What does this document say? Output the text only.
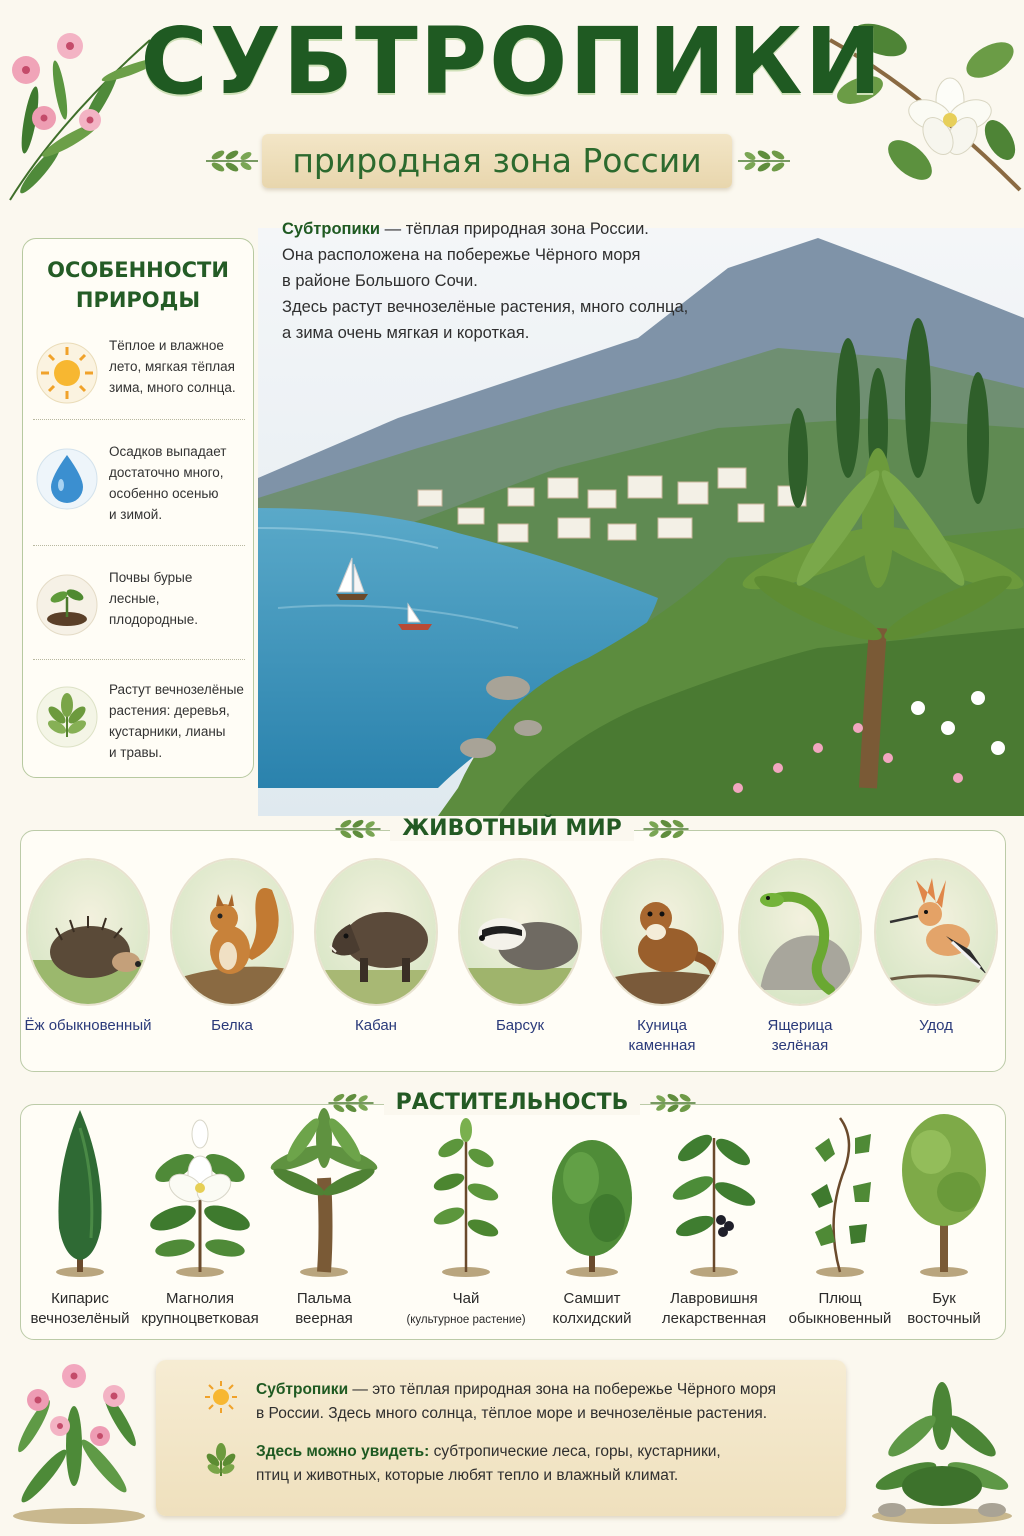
СУБТРОПИКИ
природная зона России
Субтропики — тёплая природная зона России.
Она расположена на побережье Чёрного моря
в районе Большого Сочи.
Здесь растут вечнозелёные растения, много солнца,
а зима очень мягкая и короткая.
ОСОБЕННОСТИ
ПРИРОДЫ
Тёплое и влажное
лето, мягкая тёплая
зима, много солнца.
Осадков выпадает
достаточно много,
особенно осенью
и зимой.
Почвы бурые
лесные,
плодородные.
Растут вечнозелёные
растения: деревья,
кустарники, лианы
и травы.
ЖИВОТНЫЙ МИР
Ёж обыкновенный	Белка	Кабан	Барсук	Куница
каменная
Ящерица
зелёная
Удод
РАСТИТЕЛЬНОСТЬ
Кипарис
вечнозелёный
Магнолия
крупноцветковая
Пальма
веерная
Чай
(культурное растение)
Самшит
колхидский
Лавровишня
лекарственная
Плющ
обыкновенный
Бук
восточный

Субтропики — это тёплая природная зона на побережье Чёрного моря
в России. Здесь много солнца, тёплое море и вечнозелёные растения.

Здесь можно увидеть: субтропические леса, горы, кустарники,
птиц и животных, которые любят тепло и влажный климат.
